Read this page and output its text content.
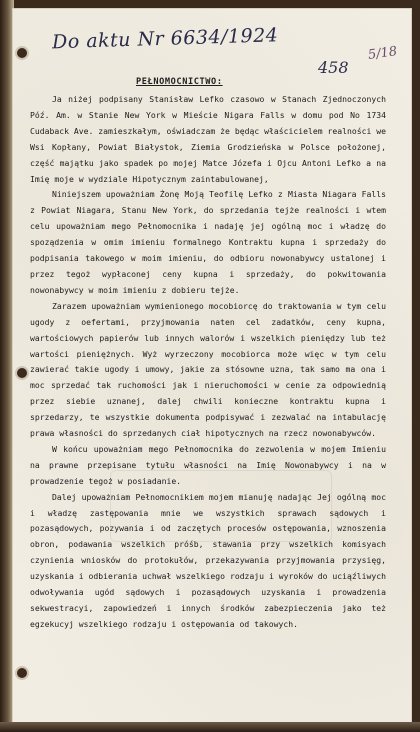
Do aktu Nr 6634/1924
458
5/18
PEŁNOMOCNICTWO:

Ja niżej podpisany Stanisław Lefko czasowo w Stanach Zjednoczonych Póź. Am. w Stanie New York w Mieście Nigara Falls w domu pod No 1734 Cudaback Ave. zamieszkałym, oświadczam że będąc właścicielem realności we Wsi Kopłany, Powiat Białystok, Ziemia Grodzieńska w Polsce położonej, część majątku jako spadek po mojej Matce Józefa i Ojcu Antoni Lefko a na Imię moje w wydziale Hipotycznym zaintabulowanej,

Niniejszem upoważniam Żonę Moją Teofilę Lefko z Miasta Niagara Falls z Powiat Niagara, Stanu New York, do sprzedania tejże realności i wtem celu upoważniam mego Pełnomocnika i nadaję jej ogólną moc i władzę do spoządzenia w omim imieniu formalnego Kontraktu kupna i sprzedaży do podpisania takowego w moim imieniu, do odbioru nowonabywcy ustalonej i przez tegoż wypłaconej ceny kupna i sprzedaży, do pokwitowania nowonabywcy w moim imieniu z dobieru tejże.

Zarazem upoważniam wymienionego mocobiorcę do traktowania w tym celu ugody z oefertami, przyjmowania naten cel zadatków, ceny kupna, wartościowych papierów lub innych walorów i wszelkich pieniędzy lub też wartości pieniężnych. Wyż wyrzeczony mocobiorca może więc w tym celu zawierać takie ugody i umowy, jakie za stósowne uzna, tak samo ma ona i moc sprzedać tak ruchomości jak i nieruchomości w cenie za odpowiednią przez siebie uznanej, dalej chwili konieczne kontraktu kupna i sprzedarzy, te wszystkie dokumenta podpisywać i zezwalać na intabulację prawa własności do sprzedanych ciał hipotycznych na rzecz nowonabywców.

W końcu upoważniam mego Pełnomocnika do zezwolenia w mojem Imieniu na prawne przepisane tytułu własności na Imię Nowonabywcy i na w prowadzenie tegoż w posiadanie.

Dalej upoważniam Pełnomocnikiem mojem mianuję nadając Jej ogólną moc i władzę zastępowania mnie we wszystkich sprawach sądowych i pozasądowych, pozywania i od zaczętych procesów ostępowania, wznoszenia obron, podawania wszelkich próśb, stawania przy wszelkich komisyach czynienia wniosków do protokułów, przekazywania przyjmowania przysięg, uzyskania i odbierania uchwał wszelkiego rodzaju i wyroków do uciąźliwych odwoływania ugód sądowych i pozasądowych uzyskania i prowadzenia sekwestracyi, zapowiedzeń i innych środków zabezpieczenia jako też egzekucyj wszelkiego rodzaju i ostępowania od takowych.
